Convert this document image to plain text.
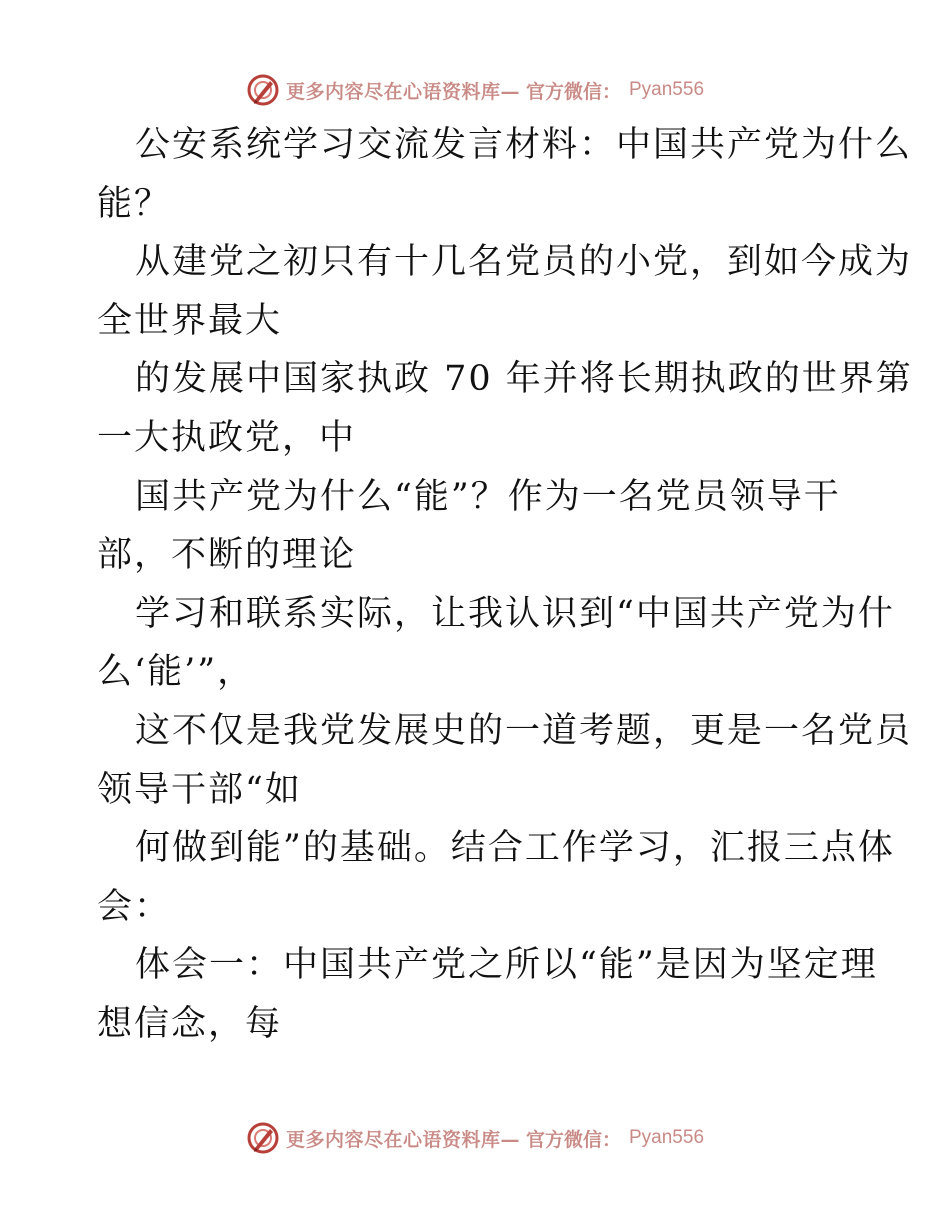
更多内容尽在心语资料库— 官方微信： Pyan556
公安系统学习交流发言材料：中国共产党为什么
能？
从建党之初只有十几名党员的小党，到如今成为
全世界最大
的发展中国家执政 70 年并将长期执政的世界第
一大执政党，中
国共产党为什么“能”？作为一名党员领导干
部，不断的理论
学习和联系实际，让我认识到“中国共产党为什
么‘能’”，
这不仅是我党发展史的一道考题，更是一名党员
领导干部“如
何做到能”的基础。结合工作学习，汇报三点体
会：
体会一：中国共产党之所以“能”是因为坚定理
想信念，每
更多内容尽在心语资料库— 官方微信： Pyan556
